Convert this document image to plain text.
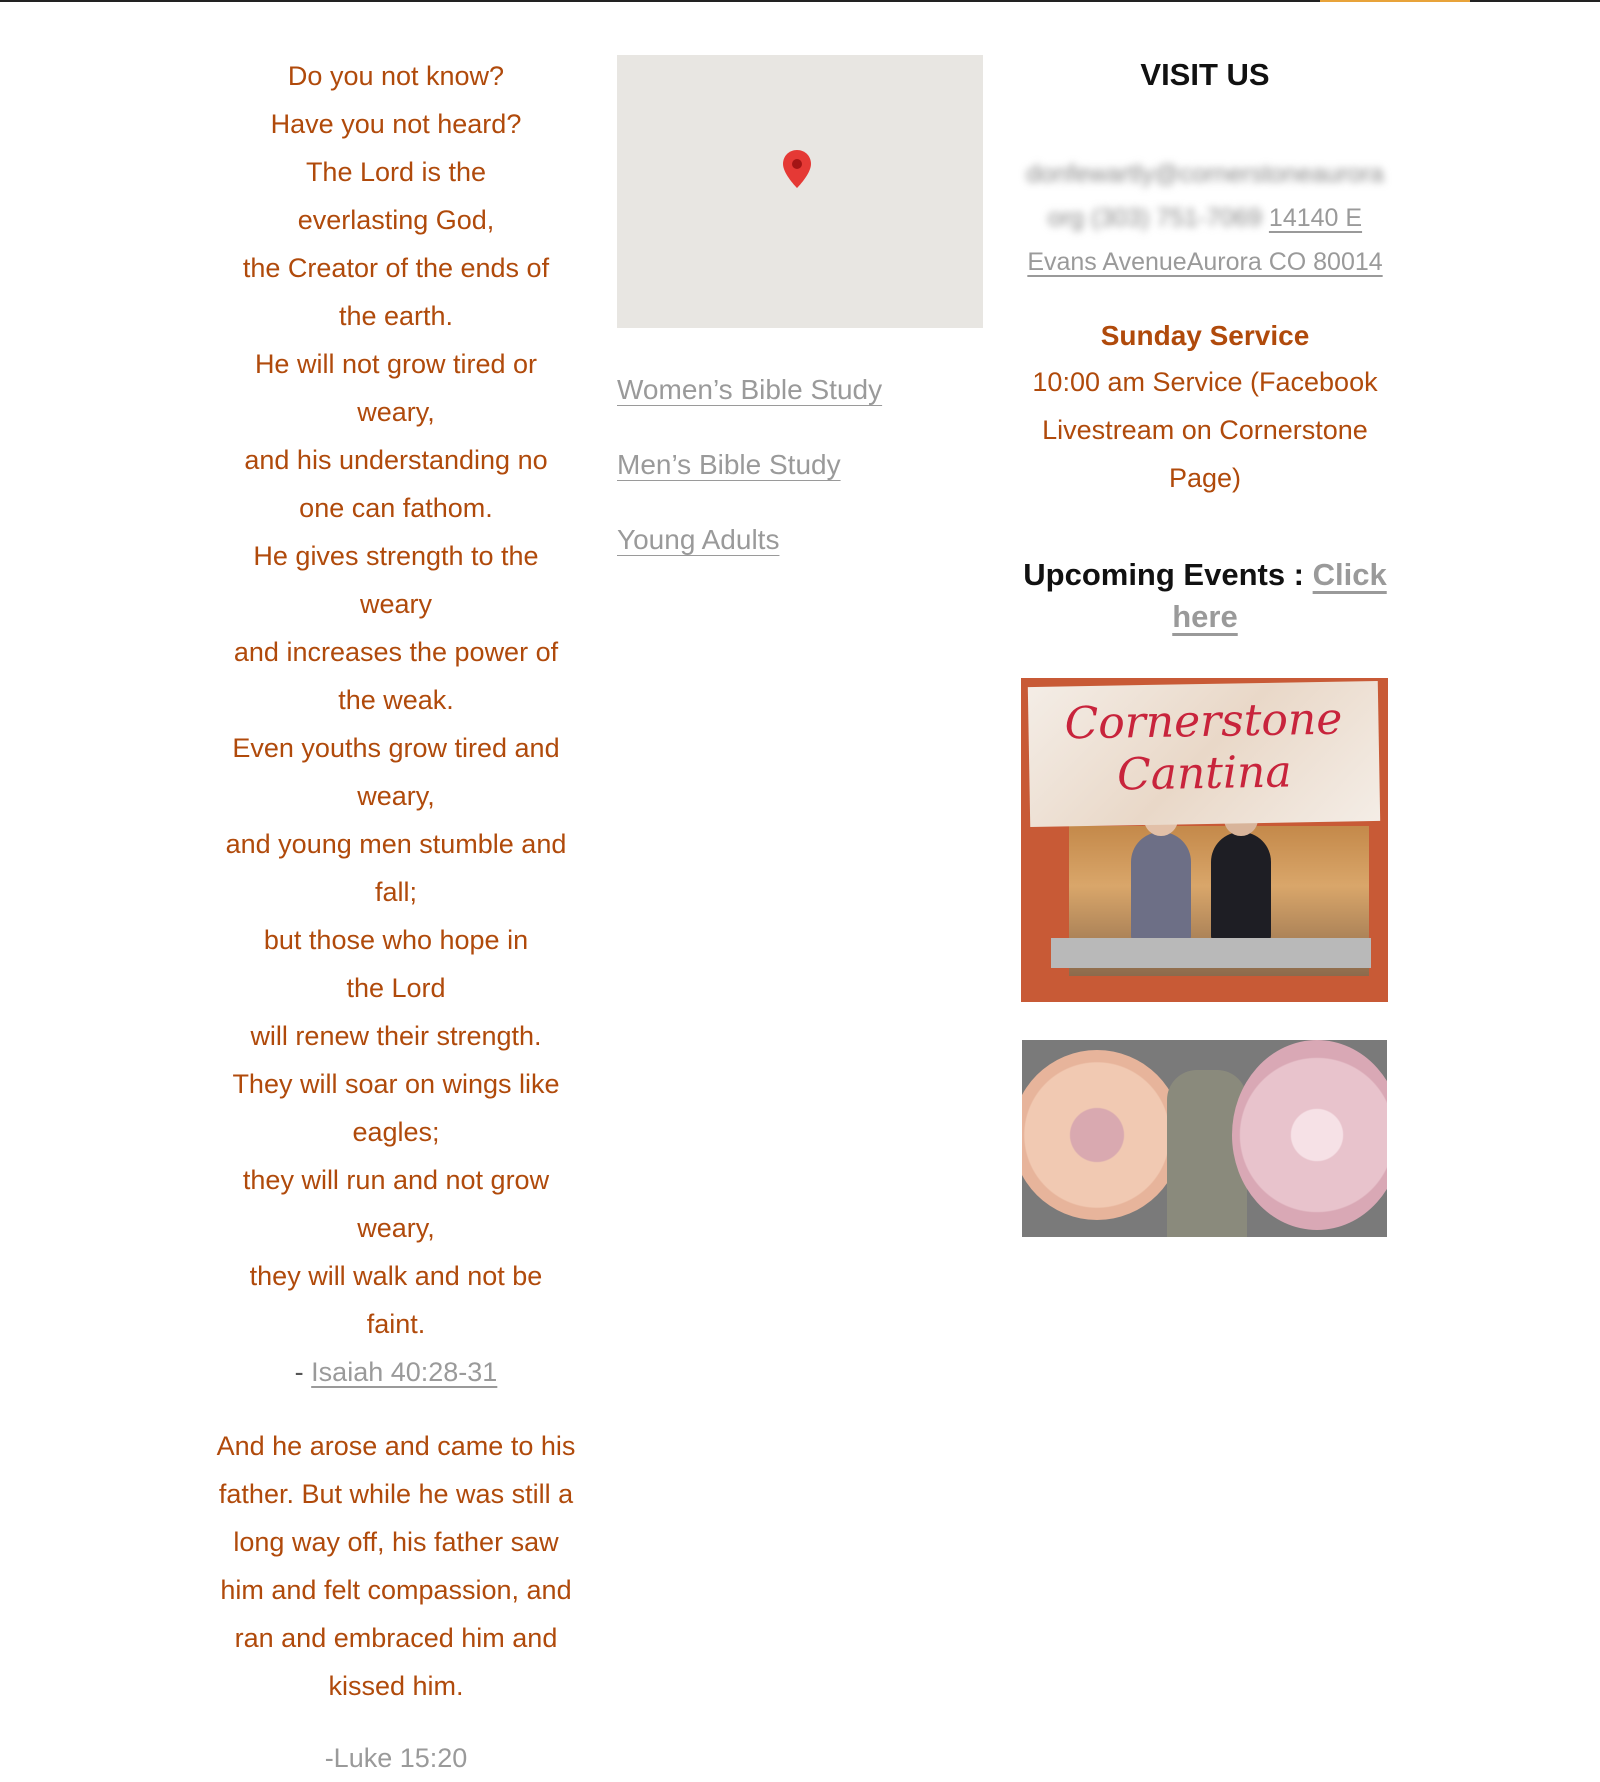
Do you not know?
Have you not heard?
The Lord is the
everlasting God,
the Creator of the ends of
the earth.
He will not grow tired or
weary,
and his understanding no
one can fathom.
He gives strength to the
weary
and increases the power of
the weak.
Even youths grow tired and
weary,
and young men stumble and
fall;
but those who hope in
the Lord
will renew their strength.
They will soar on wings like
eagles;
they will run and not grow
weary,
they will walk and not be
faint.
- Isaiah 40:28-31
And he arose and came to his father. But while he was still a long way off, his father saw him and felt compassion, and ran and embraced him and kissed him.
-Luke 15:20
Women’s Bible Study
Men’s Bible Study
Young Adults
VISIT US
donfewartly@cornerstoneaurora
org (303) 751-7069 14140 E
Evans AvenueAurora CO 80014
Sunday Service
10:00 am Service (Facebook Livestream on Cornerstone Page)
Upcoming Events : Click here
Cornerstone
Cantina
